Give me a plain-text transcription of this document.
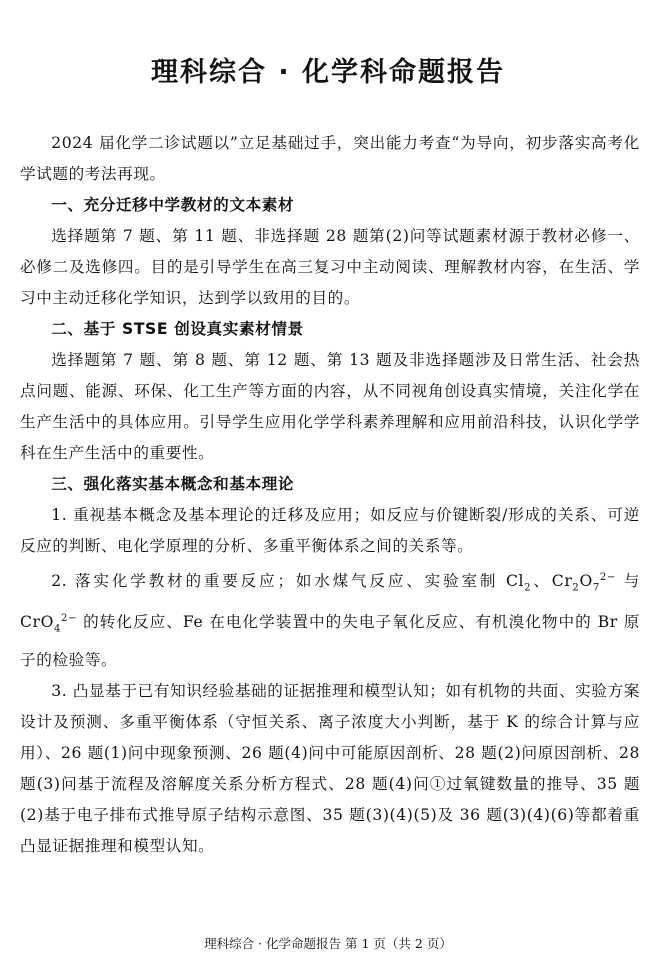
理科综合 · 化学科命题报告

2024 届化学二诊试题以”立足基础过手，突出能力考查“为导向，初步落实高考化学试题的考法再现。

一、充分迁移中学教材的文本素材

选择题第 7 题、第 11 题、非选择题 28 题第(2)问等试题素材源于教材必修一、必修二及选修四。目的是引导学生在高三复习中主动阅读、理解教材内容，在生活、学习中主动迁移化学知识，达到学以致用的目的。

二、基于 STSE 创设真实素材情景

选择题第 7 题、第 8 题、第 12 题、第 13 题及非选择题涉及日常生活、社会热点问题、能源、环保、化工生产等方面的内容，从不同视角创设真实情境，关注化学在生产生活中的具体应用。引导学生应用化学学科素养理解和应用前沿科技，认识化学学科在生产生活中的重要性。

三、强化落实基本概念和基本理论

1. 重视基本概念及基本理论的迁移及应用；如反应与价键断裂/形成的关系、可逆反应的判断、电化学原理的分析、多重平衡体系之间的关系等。

2. 落实化学教材的重要反应；如水煤气反应、实验室制 $Cl_2$、$Cr_2O_7^{2-}$ 与 CrO$_4^{2-}$ 的转化反应、Fe 在电化学装置中的失电子氧化反应、有机溴化物中的 Br 原子的检验等。

3. 凸显基于已有知识经验基础的证据推理和模型认知；如有机物的共面、实验方案设计及预测、多重平衡体系（守恒关系、离子浓度大小判断，基于 K 的综合计算与应用）、26 题(1)问中现象预测、26 题(4)问中可能原因剖析、28 题(2)问原因剖析、28 题(3)问基于流程及溶解度关系分析方程式、28 题(4)问①过氧键数量的推导、35 题(2)基于电子排布式推导原子结构示意图、35 题(3)(4)(5)及 36 题(3)(4)(6)等都着重凸显证据推理和模型认知。

理科综合 · 化学命题报告 第 1 页（共 2 页）
